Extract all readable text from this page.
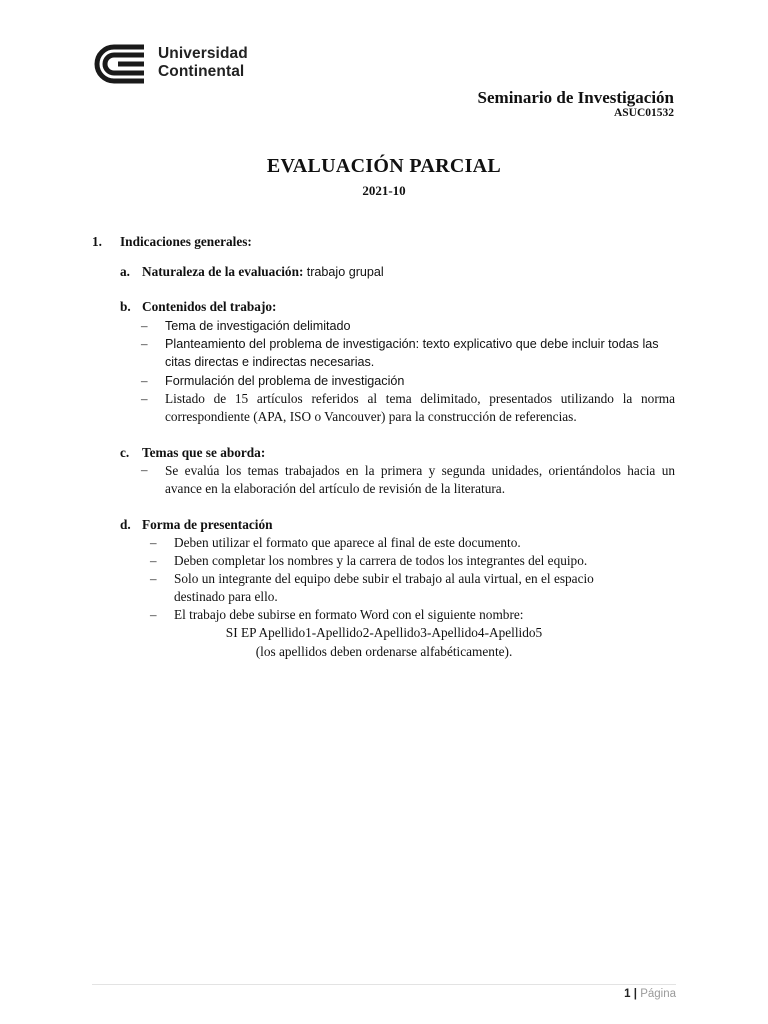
Universidad
Continental
Seminario de Investigación
ASUC01532
EVALUACIÓN PARCIAL
2021-10
1. Indicaciones generales:
a. Naturaleza de la evaluación: trabajo grupal
b. Contenidos del trabajo:
– Tema de investigación delimitado
– Planteamiento del problema de investigación: texto explicativo que debe incluir todas las citas directas e indirectas necesarias.
– Formulación del problema de investigación
– Listado de 15 artículos referidos al tema delimitado, presentados utilizando la norma correspondiente (APA, ISO o Vancouver) para la construcción de referencias.
c. Temas que se aborda:
– Se evalúa los temas trabajados en la primera y segunda unidades, orientándolos hacia un avance en la elaboración del artículo de revisión de la literatura.
d. Forma de presentación
– Deben utilizar el formato que aparece al final de este documento.
– Deben completar los nombres y la carrera de todos los integrantes del equipo.
– Solo un integrante del equipo debe subir el trabajo al aula virtual, en el espacio destinado para ello.
– El trabajo debe subirse en formato Word con el siguiente nombre:
SI EP Apellido1-Apellido2-Apellido3-Apellido4-Apellido5
(los apellidos deben ordenarse alfabéticamente).
1 | Página
